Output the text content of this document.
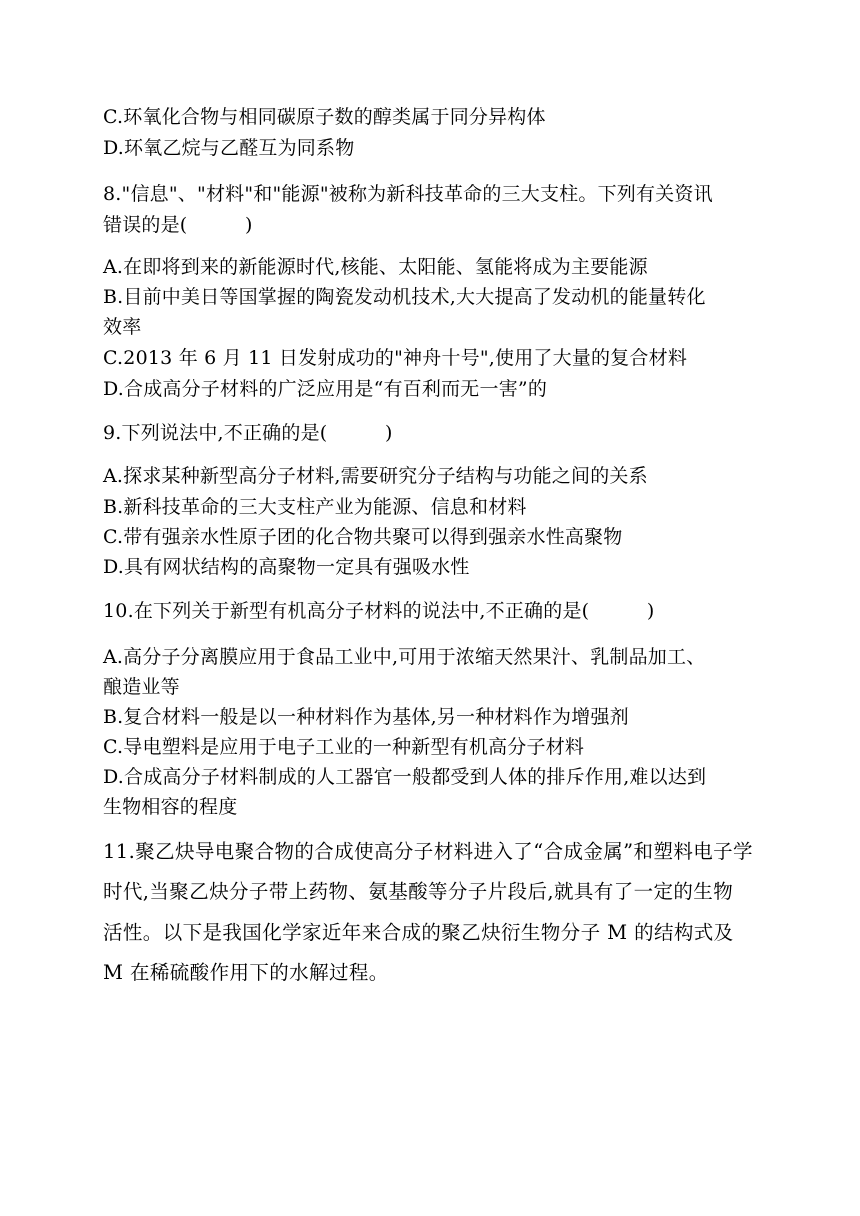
C.环氧化合物与相同碳原子数的醇类属于同分异构体
D.环氧乙烷与乙醛互为同系物
8."信息"、"材料"和"能源"被称为新科技革命的三大支柱。下列有关资讯
错误的是(　　　)
A.在即将到来的新能源时代,核能、太阳能、氢能将成为主要能源
B.目前中美日等国掌握的陶瓷发动机技术,大大提高了发动机的能量转化
效率
C.2013 年 6 月 11 日发射成功的"神舟十号",使用了大量的复合材料
D.合成高分子材料的广泛应用是“有百利而无一害”的
9.下列说法中,不正确的是(　　　)
A.探求某种新型高分子材料,需要研究分子结构与功能之间的关系
B.新科技革命的三大支柱产业为能源、信息和材料
C.带有强亲水性原子团的化合物共聚可以得到强亲水性高聚物
D.具有网状结构的高聚物一定具有强吸水性
10.在下列关于新型有机高分子材料的说法中,不正确的是(　　　)
A.高分子分离膜应用于食品工业中,可用于浓缩天然果汁、乳制品加工、
酿造业等
B.复合材料一般是以一种材料作为基体,另一种材料作为增强剂
C.导电塑料是应用于电子工业的一种新型有机高分子材料
D.合成高分子材料制成的人工器官一般都受到人体的排斥作用,难以达到
生物相容的程度
11.聚乙炔导电聚合物的合成使高分子材料进入了“合成金属”和塑料电子学
时代,当聚乙炔分子带上药物、氨基酸等分子片段后,就具有了一定的生物
活性。以下是我国化学家近年来合成的聚乙炔衍生物分子 M 的结构式及
M 在稀硫酸作用下的水解过程。
